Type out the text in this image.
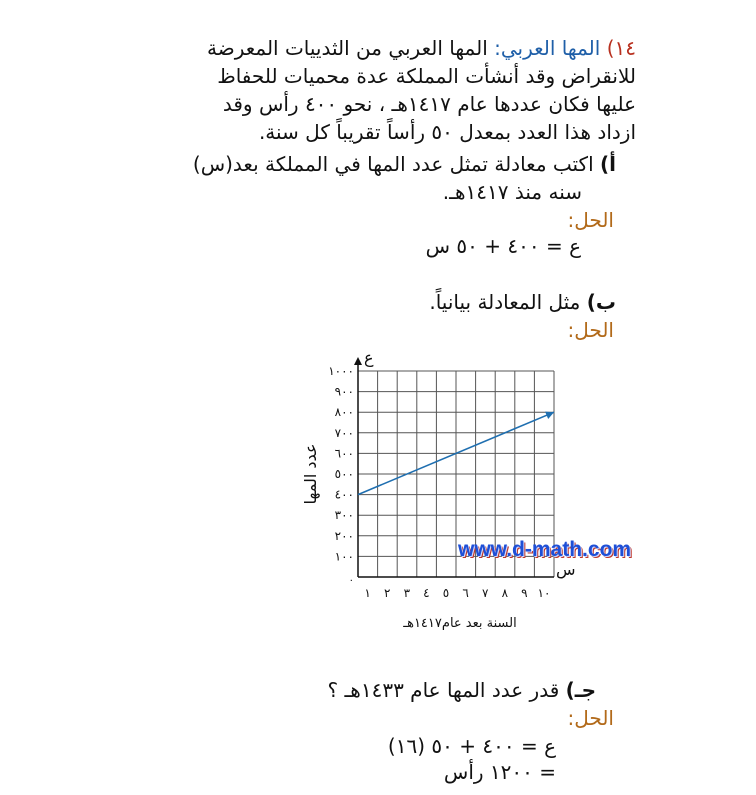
١٤) المها العربي: المها العربي من الثدييات المعرضة
للانقراض وقد أنشأت المملكة عدة محميات للحفاظ
عليها فكان عددها عام ١٤١٧هـ ، نحو ٤٠٠ رأس وقد
ازداد هذا العدد بمعدل ٥٠ رأساً تقريباً كل سنة.
أ) اكتب معادلة تمثل عدد المها في المملكة بعد(س)
سنه منذ ١٤١٧هـ.
الحل:
ع = ٤٠٠ + ٥٠ س
ب) مثل المعادلة بيانياً.
الحل:
١٠٠
٢٠٠
٣٠٠
٤٠٠
٥٠٠
٦٠٠
٧٠٠
٨٠٠
٩٠٠
١٠٠٠
١ ٢ ٣ ٤ ٥ ٦ ٧ ٨ ٩ ١٠
٠
ع
س
السنة بعد عام١٤١٧هـ
عدد المها
www.d-math.com
جـ) قدر عدد المها عام ١٤٣٣هـ ؟
الحل:
ع = ٤٠٠ + ٥٠ (١٦)
= ١٢٠٠ رأس
